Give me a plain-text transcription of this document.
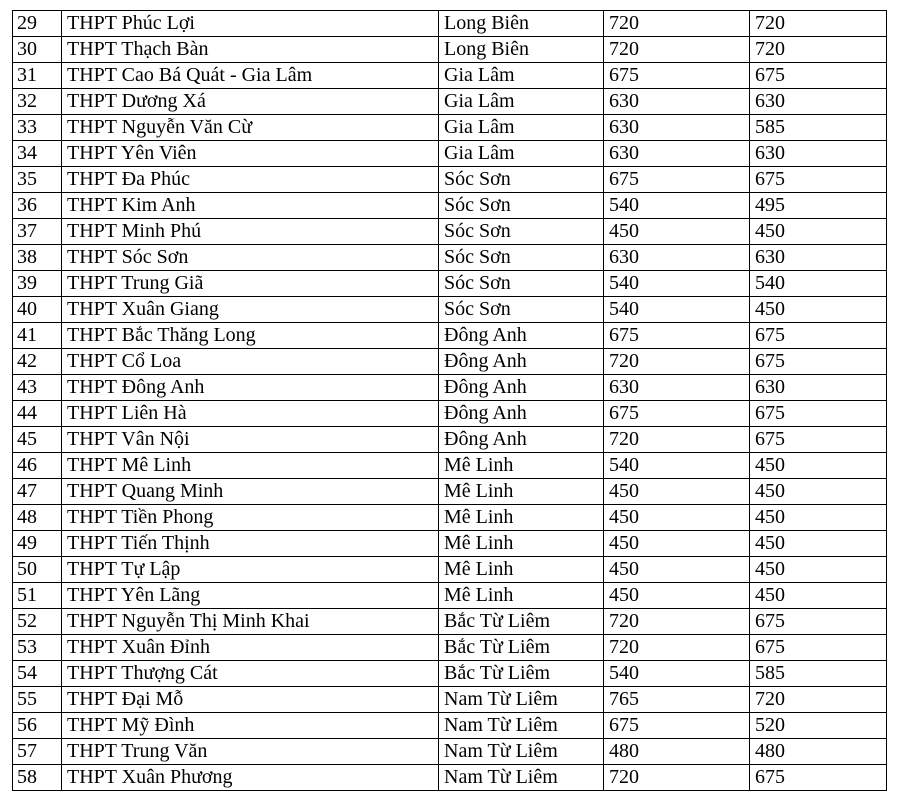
29	THPT Phúc Lợi	Long Biên	720	720
30	THPT Thạch Bàn	Long Biên	720	720
31	THPT Cao Bá Quát - Gia Lâm	Gia Lâm	675	675
32	THPT Dương Xá	Gia Lâm	630	630
33	THPT Nguyễn Văn Cừ	Gia Lâm	630	585
34	THPT Yên Viên	Gia Lâm	630	630
35	THPT Đa Phúc	Sóc Sơn	675	675
36	THPT Kim Anh	Sóc Sơn	540	495
37	THPT Minh Phú	Sóc Sơn	450	450
38	THPT Sóc Sơn	Sóc Sơn	630	630
39	THPT Trung Giã	Sóc Sơn	540	540
40	THPT Xuân Giang	Sóc Sơn	540	450
41	THPT Bắc Thăng Long	Đông Anh	675	675
42	THPT Cổ Loa	Đông Anh	720	675
43	THPT Đông Anh	Đông Anh	630	630
44	THPT Liên Hà	Đông Anh	675	675
45	THPT Vân Nội	Đông Anh	720	675
46	THPT Mê Linh	Mê Linh	540	450
47	THPT Quang Minh	Mê Linh	450	450
48	THPT Tiền Phong	Mê Linh	450	450
49	THPT Tiến Thịnh	Mê Linh	450	450
50	THPT Tự Lập	Mê Linh	450	450
51	THPT Yên Lãng	Mê Linh	450	450
52	THPT Nguyễn Thị Minh Khai	Bắc Từ Liêm	720	675
53	THPT Xuân Đỉnh	Bắc Từ Liêm	720	675
54	THPT Thượng Cát	Bắc Từ Liêm	540	585
55	THPT Đại Mỗ	Nam Từ Liêm	765	720
56	THPT Mỹ Đình	Nam Từ Liêm	675	520
57	THPT Trung Văn	Nam Từ Liêm	480	480
58	THPT Xuân Phương	Nam Từ Liêm	720	675
